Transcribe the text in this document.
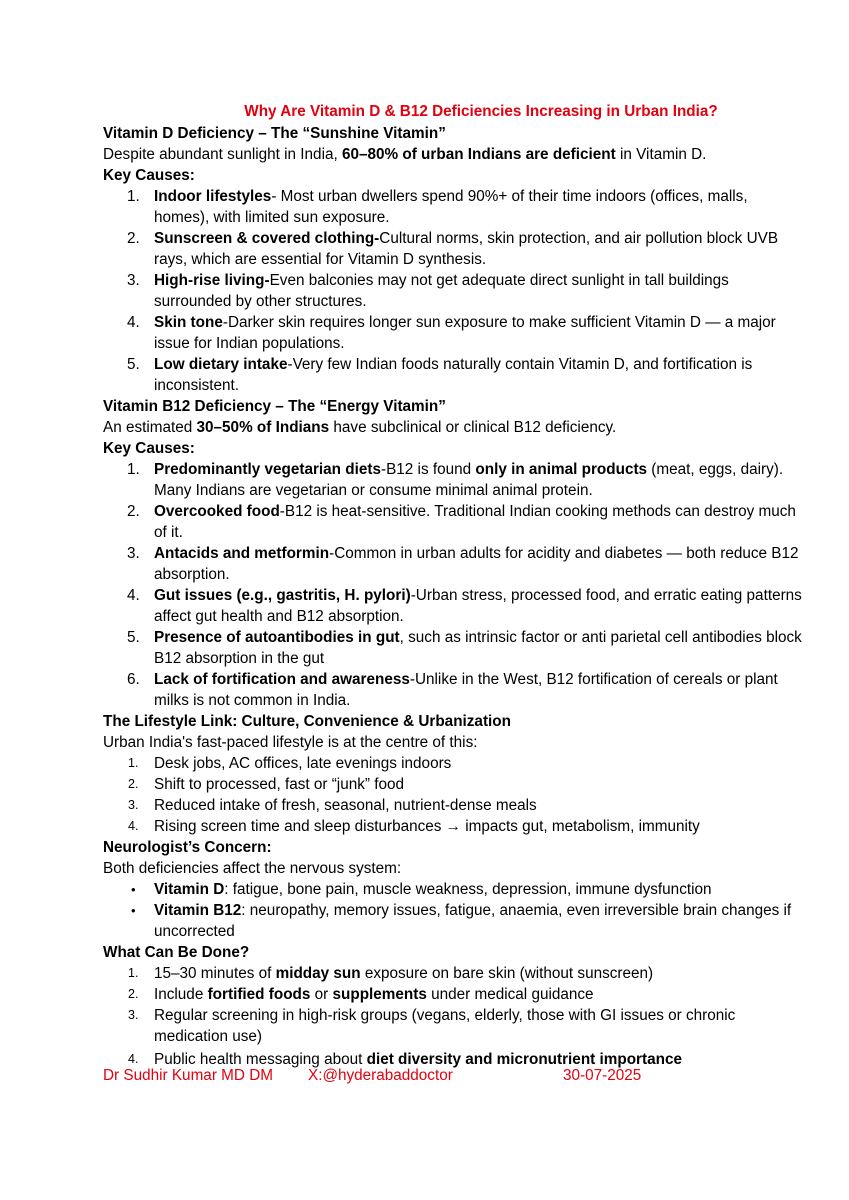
Why Are Vitamin D & B12 Deficiencies Increasing in Urban India?

Vitamin D Deficiency – The “Sunshine Vitamin”

Despite abundant sunlight in India, 60–80% of urban Indians are deficient in Vitamin D.

Key Causes:

1. Indoor lifestyles- Most urban dwellers spend 90%+ of their time indoors (offices, malls, homes), with limited sun exposure.
2. Sunscreen & covered clothing-Cultural norms, skin protection, and air pollution block UVB rays, which are essential for Vitamin D synthesis.
3. High-rise living-Even balconies may not get adequate direct sunlight in tall buildings surrounded by other structures.
4. Skin tone-Darker skin requires longer sun exposure to make sufficient Vitamin D — a major issue for Indian populations.
5. Low dietary intake-Very few Indian foods naturally contain Vitamin D, and fortification is inconsistent.

Vitamin B12 Deficiency – The “Energy Vitamin”

An estimated 30–50% of Indians have subclinical or clinical B12 deficiency.

Key Causes:

1. Predominantly vegetarian diets-B12 is found only in animal products (meat, eggs, dairy). Many Indians are vegetarian or consume minimal animal protein.
2. Overcooked food-B12 is heat-sensitive. Traditional Indian cooking methods can destroy much of it.
3. Antacids and metformin-Common in urban adults for acidity and diabetes — both reduce B12 absorption.
4. Gut issues (e.g., gastritis, H. pylori)-Urban stress, processed food, and erratic eating patterns affect gut health and B12 absorption.
5. Presence of autoantibodies in gut, such as intrinsic factor or anti parietal cell antibodies block B12 absorption in the gut
6. Lack of fortification and awareness-Unlike in the West, B12 fortification of cereals or plant milks is not common in India.

The Lifestyle Link: Culture, Convenience & Urbanization

Urban India's fast-paced lifestyle is at the centre of this:

1. Desk jobs, AC offices, late evenings indoors
2. Shift to processed, fast or “junk” food
3. Reduced intake of fresh, seasonal, nutrient-dense meals
4. Rising screen time and sleep disturbances → impacts gut, metabolism, immunity

Neurologist’s Concern:

Both deficiencies affect the nervous system:

• Vitamin D: fatigue, bone pain, muscle weakness, depression, immune dysfunction
• Vitamin B12: neuropathy, memory issues, fatigue, anaemia, even irreversible brain changes if uncorrected

What Can Be Done?

1. 15–30 minutes of midday sun exposure on bare skin (without sunscreen)
2. Include fortified foods or supplements under medical guidance
3. Regular screening in high-risk groups (vegans, elderly, those with GI issues or chronic medication use)
4. Public health messaging about diet diversity and micronutrient importance

Dr Sudhir Kumar MD DM

X:@hyderabaddoctor

	30-07-2025
